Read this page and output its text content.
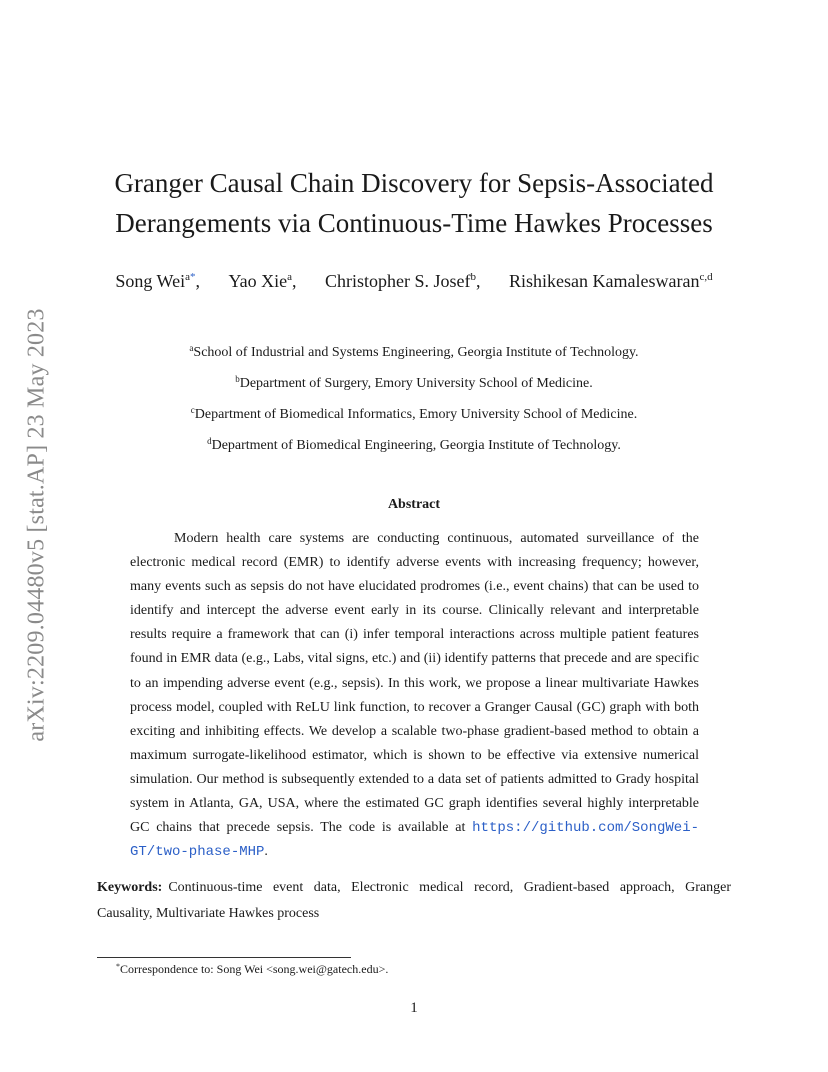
arXiv:2209.04480v5 [stat.AP] 23 May 2023
Granger Causal Chain Discovery for Sepsis-Associated
Derangements via Continuous-Time Hawkes Processes
Song Wei$^{a*}$, Yao Xie$^a$, Christopher S. Josef$^b$, Rishikesan Kamaleswaran$^{c,d}$
$^a$School of Industrial and Systems Engineering, Georgia Institute of Technology.
$^b$Department of Surgery, Emory University School of Medicine.
$^c$Department of Biomedical Informatics, Emory University School of Medicine.
$^d$Department of Biomedical Engineering, Georgia Institute of Technology.
Abstract
Modern health care systems are conducting continuous, automated surveillance of the electronic medical record (EMR) to identify adverse events with increasing frequency; however, many events such as sepsis do not have elucidated prodromes (i.e., event chains) that can be used to identify and intercept the adverse event early in its course. Clinically relevant and interpretable results require a framework that can (i) infer temporal interactions across multiple patient features found in EMR data (e.g., Labs, vital signs, etc.) and (ii) identify patterns that precede and are specific to an impending adverse event (e.g., sepsis). In this work, we propose a linear multivariate Hawkes process model, coupled with ReLU link function, to recover a Granger Causal (GC) graph with both exciting and inhibiting effects. We develop a scalable two-phase gradient-based method to obtain a maximum surrogate-likelihood estimator, which is shown to be effective via extensive numerical simulation. Our method is subsequently extended to a data set of patients admitted to Grady hospital system in Atlanta, GA, USA, where the estimated GC graph identifies several highly interpretable GC chains that precede sepsis. The code is available at https://github.com/SongWei-GT/two-phase-MHP.
Keywords: Continuous-time event data, Electronic medical record, Gradient-based approach, Granger Causality, Multivariate Hawkes process
*Correspondence to: Song Wei <song.wei@gatech.edu>.
1
